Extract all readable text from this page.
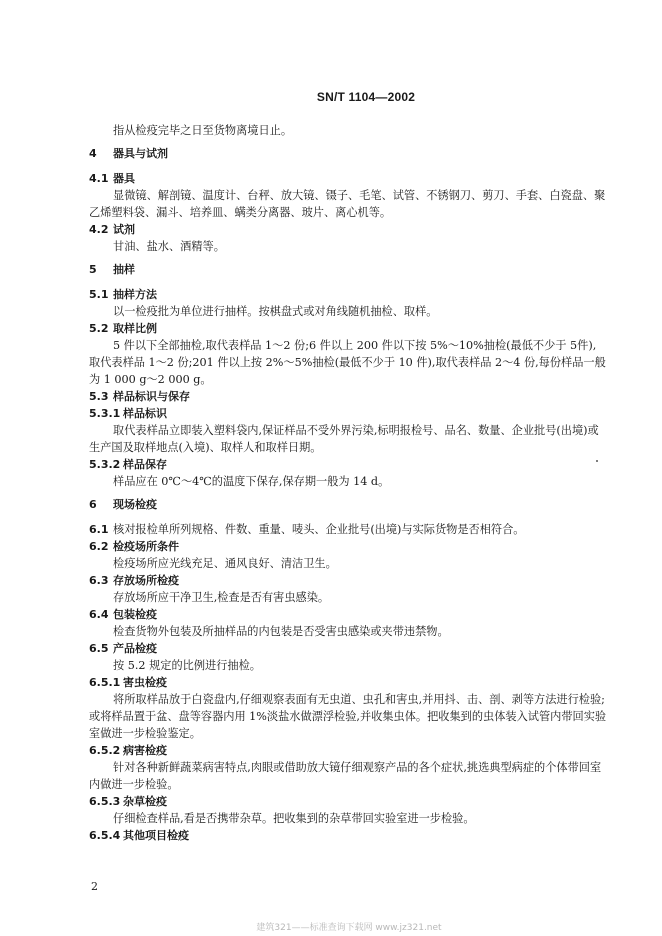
SN/T 1104—2002

指从检疫完毕之日至货物离境日止。

4 器具与试剂

4.1 器具

显微镜、解剖镜、温度计、台秤、放大镜、镊子、毛笔、试管、不锈钢刀、剪刀、手套、白瓷盘、聚乙烯塑料袋、漏斗、培养皿、螨类分离器、玻片、离心机等。

4.2 试剂

甘油、盐水、酒精等。

5 抽样

5.1 抽样方法

以一检疫批为单位进行抽样。按棋盘式或对角线随机抽检、取样。

5.2 取样比例

5 件以下全部抽检,取代表样品 1～2 份;6 件以上 200 件以下按 5%～10%抽检(最低不少于 5件),取代表样品 1～2 份;201 件以上按 2%～5%抽检(最低不少于 10 件),取代表样品 2～4 份,每份样品一般为 1 000 g～2 000 g。

5.3 样品标识与保存

5.3.1 样品标识

取代表样品立即装入塑料袋内,保证样品不受外界污染,标明报检号、品名、数量、企业批号(出境)或生产国及取样地点(入境)、取样人和取样日期。

5.3.2 样品保存

样品应在 0℃～4℃的温度下保存,保存期一般为 14 d。

6 现场检疫

6.1 核对报检单所列规格、件数、重量、唛头、企业批号(出境)与实际货物是否相符合。

6.2 检疫场所条件

检疫场所应光线充足、通风良好、清洁卫生。

6.3 存放场所检疫

存放场所应干净卫生,检查是否有害虫感染。

6.4 包装检疫

检查货物外包装及所抽样品的内包装是否受害虫感染或夹带违禁物。

6.5 产品检疫

按 5.2 规定的比例进行抽检。

6.5.1 害虫检疫

将所取样品放于白瓷盘内,仔细观察表面有无虫道、虫孔和害虫,并用抖、击、剖、剥等方法进行检验;或将样品置于盆、盘等容器内用 1%淡盐水做漂浮检验,并收集虫体。把收集到的虫体装入试管内带回实验室做进一步检验鉴定。

6.5.2 病害检疫

针对各种新鲜蔬菜病害特点,肉眼或借助放大镜仔细观察产品的各个症状,挑选典型病症的个体带回室内做进一步检验。

6.5.3 杂草检疫

仔细检查样品,看是否携带杂草。把收集到的杂草带回实验室进一步检验。

6.5.4 其他项目检疫

2
建筑321——标准查询下载网 www.jz321.net
